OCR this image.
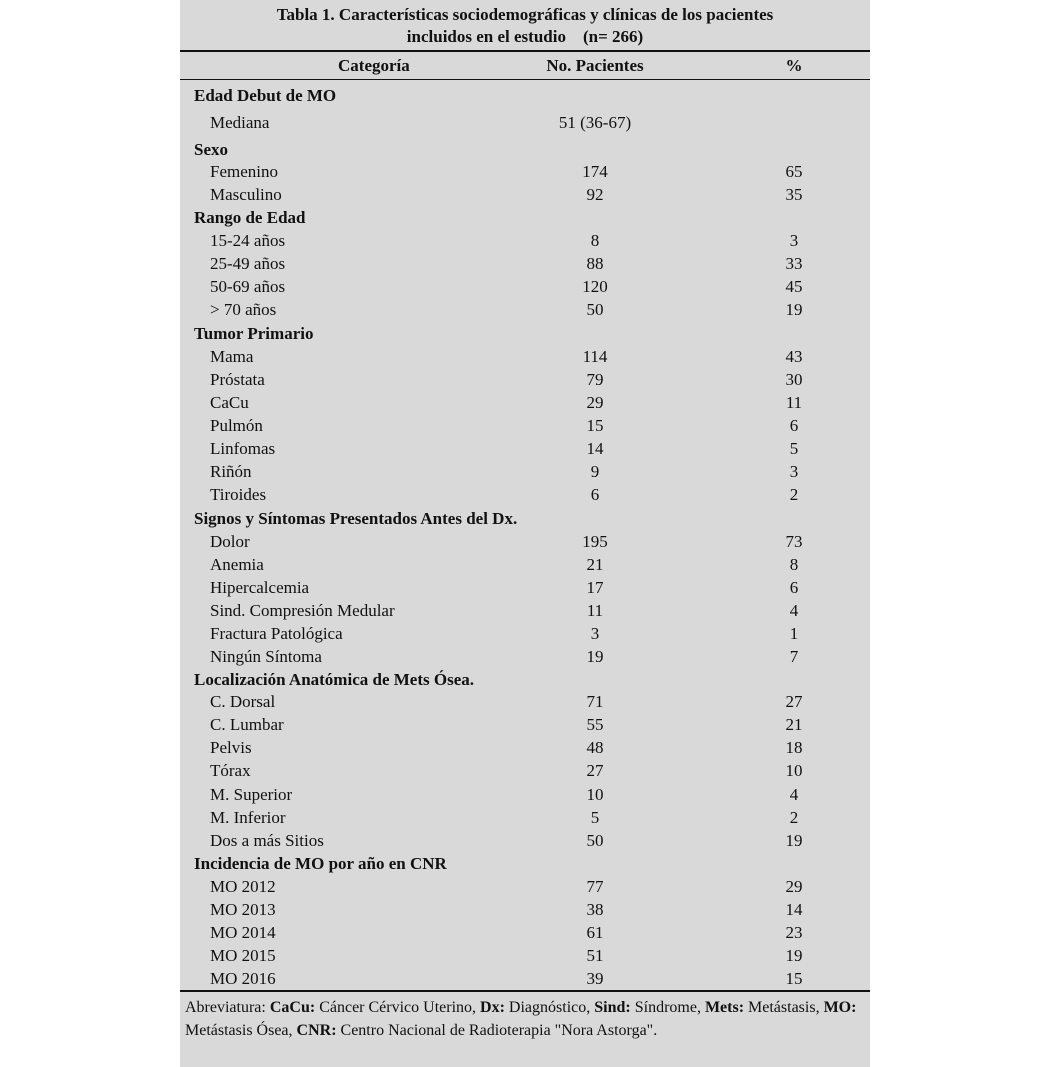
Tabla 1. Características sociodemográficas y clínicas de los pacientes
incluidos en el estudio    (n= 266)
Categoría	No. Pacientes	%
Edad Debut de MO
Mediana	51 (36-67)
Sexo
Femenino	174	65
Masculino	92	35
Rango de Edad
15-24 años	8	3
25-49 años	88	33
50-69 años	120	45
> 70 años	50	19
Tumor Primario
Mama	114	43
Próstata	79	30
CaCu	29	11
Pulmón	15	6
Linfomas	14	5
Riñón	9	3
Tiroides	6	2
Signos y Síntomas Presentados Antes del Dx.
Dolor	195	73
Anemia	21	8
Hipercalcemia	17	6
Sind. Compresión Medular	11	4
Fractura Patológica	3	1
Ningún Síntoma	19	7
Localización Anatómica de Mets Ósea.
C. Dorsal	71	27
C. Lumbar	55	21
Pelvis	48	18
Tórax	27	10
M. Superior	10	4
M. Inferior	5	2
Dos a más Sitios	50	19
Incidencia de MO por año en CNR
MO 2012	77	29
MO 2013	38	14
MO 2014	61	23
MO 2015	51	19
MO 2016	39	15
Abreviatura: CaCu: Cáncer Cérvico Uterino, Dx: Diagnóstico, Sind: Síndrome, Mets: Metástasis, MO: Metástasis Ósea, CNR: Centro Nacional de Radioterapia "Nora Astorga".
